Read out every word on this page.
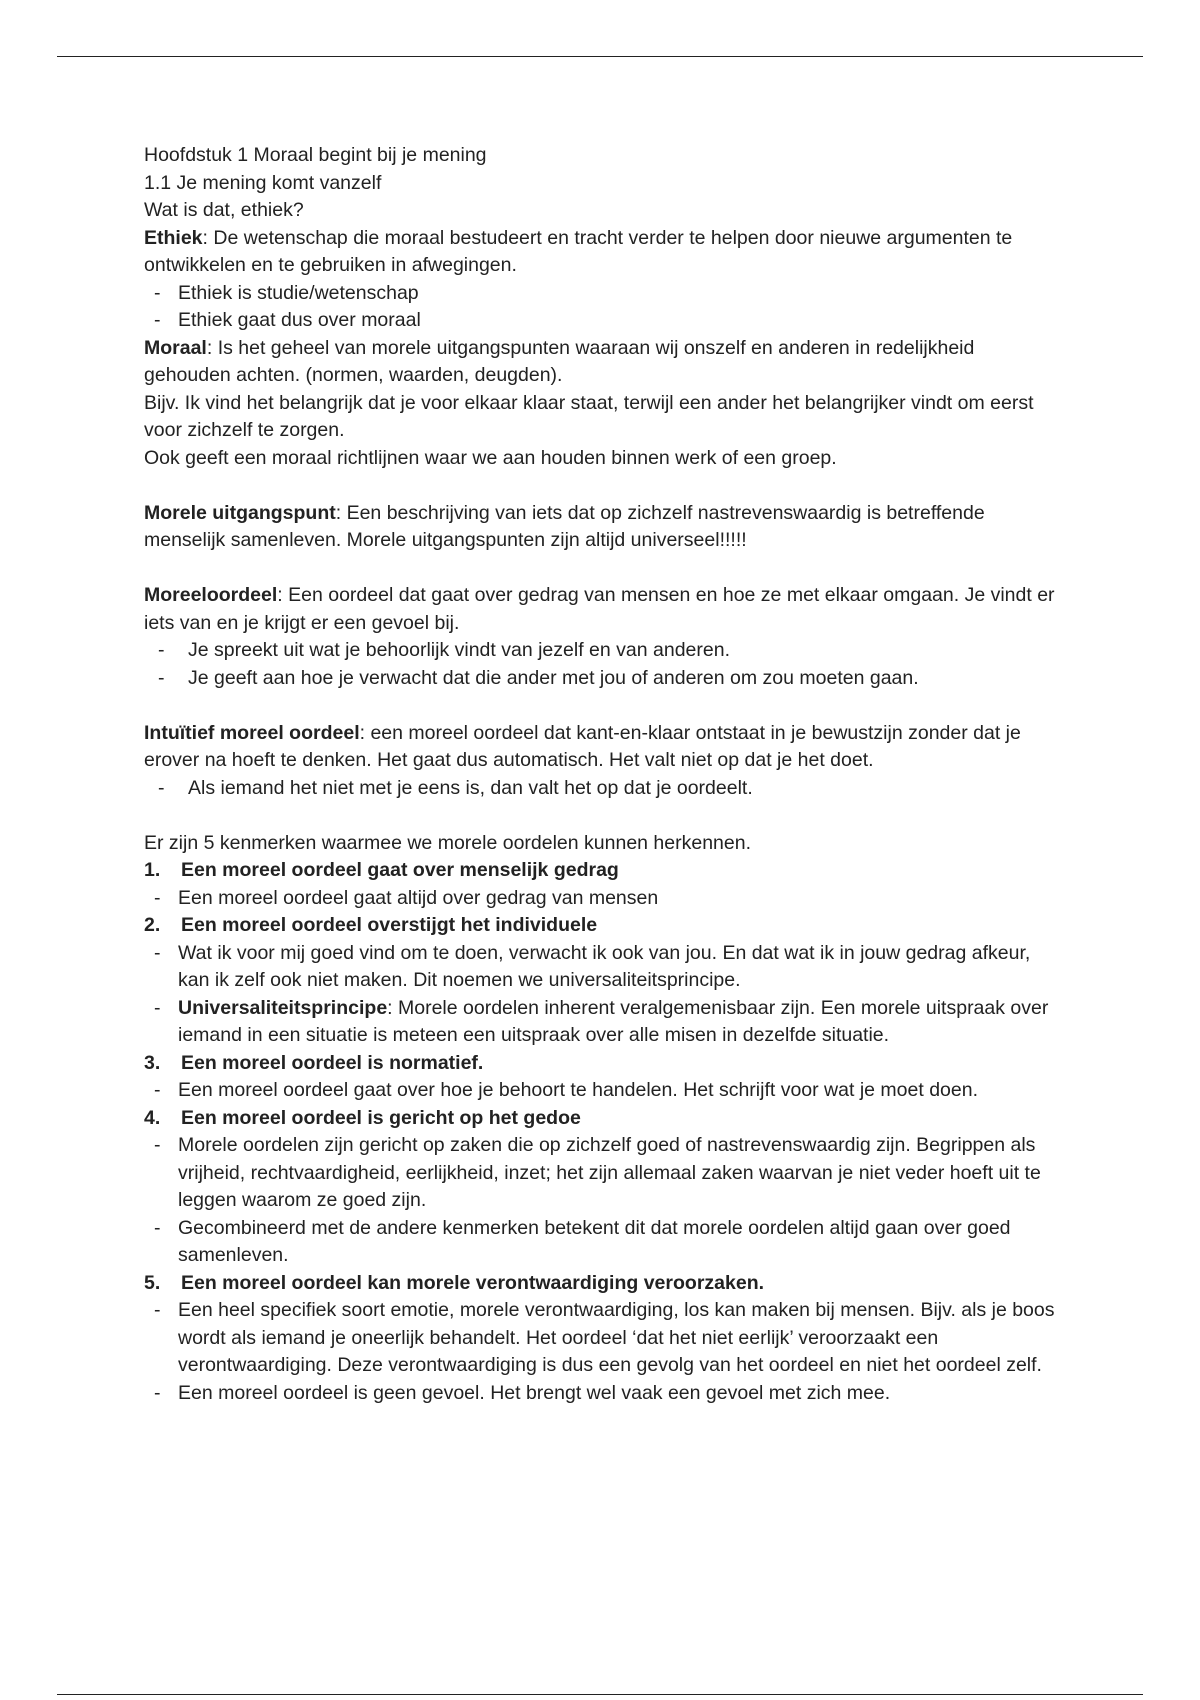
Hoofdstuk 1 Moraal begint bij je mening

1.1 Je mening komt vanzelf

Wat is dat, ethiek?

Ethiek: De wetenschap die moraal bestudeert en tracht verder te helpen door nieuwe argumenten te ontwikkelen en te gebruiken in afwegingen.

- Ethiek is studie/wetenschap
- Ethiek gaat dus over moraal

Moraal: Is het geheel van morele uitgangspunten waaraan wij onszelf en anderen in redelijkheid gehouden achten. (normen, waarden, deugden).

Bijv. Ik vind het belangrijk dat je voor elkaar klaar staat, terwijl een ander het belangrijker vindt om eerst voor zichzelf te zorgen.

Ook geeft een moraal richtlijnen waar we aan houden binnen werk of een groep.

Morele uitgangspunt: Een beschrijving van iets dat op zichzelf nastrevenswaardig is betreffende menselijk samenleven. Morele uitgangspunten zijn altijd universeel!!!!!

Moreeloordeel: Een oordeel dat gaat over gedrag van mensen en hoe ze met elkaar omgaan. Je vindt er iets van en je krijgt er een gevoel bij.

-	Je spreekt uit wat je behoorlijk vindt van jezelf en van anderen.
-	Je geeft aan hoe je verwacht dat die ander met jou of anderen om zou moeten gaan.

Intuïtief moreel oordeel: een moreel oordeel dat kant-en-klaar ontstaat in je bewustzijn zonder dat je erover na hoeft te denken. Het gaat dus automatisch. Het valt niet op dat je het doet.

-	Als iemand het niet met je eens is, dan valt het op dat je oordeelt.

Er zijn 5 kenmerken waarmee we morele oordelen kunnen herkennen.

1.	Een moreel oordeel gaat over menselijk gedrag
- Een moreel oordeel gaat altijd over gedrag van mensen
2.	Een moreel oordeel overstijgt het individuele
- Wat ik voor mij goed vind om te doen, verwacht ik ook van jou. En dat wat ik in jouw gedrag afkeur, kan ik zelf ook niet maken. Dit noemen we universaliteitsprincipe.
- Universaliteitsprincipe: Morele oordelen inherent veralgemenisbaar zijn. Een morele uitspraak over iemand in een situatie is meteen een uitspraak over alle misen in dezelfde situatie.
3.	Een moreel oordeel is normatief.
- Een moreel oordeel gaat over hoe je behoort te handelen. Het schrijft voor wat je moet doen.
4.	Een moreel oordeel is gericht op het gedoe
- Morele oordelen zijn gericht op zaken die op zichzelf goed of nastrevenswaardig zijn. Begrippen als vrijheid, rechtvaardigheid, eerlijkheid, inzet; het zijn allemaal zaken waarvan je niet veder hoeft uit te leggen waarom ze goed zijn.
- Gecombineerd met de andere kenmerken betekent dit dat morele oordelen altijd gaan over goed samenleven.
5.	Een moreel oordeel kan morele verontwaardiging veroorzaken.
- Een heel specifiek soort emotie, morele verontwaardiging, los kan maken bij mensen. Bijv. als je boos wordt als iemand je oneerlijk behandelt. Het oordeel ‘dat het niet eerlijk’ veroorzaakt een verontwaardiging. Deze verontwaardiging is dus een gevolg van het oordeel en niet het oordeel zelf.
- Een moreel oordeel is geen gevoel. Het brengt wel vaak een gevoel met zich mee.
